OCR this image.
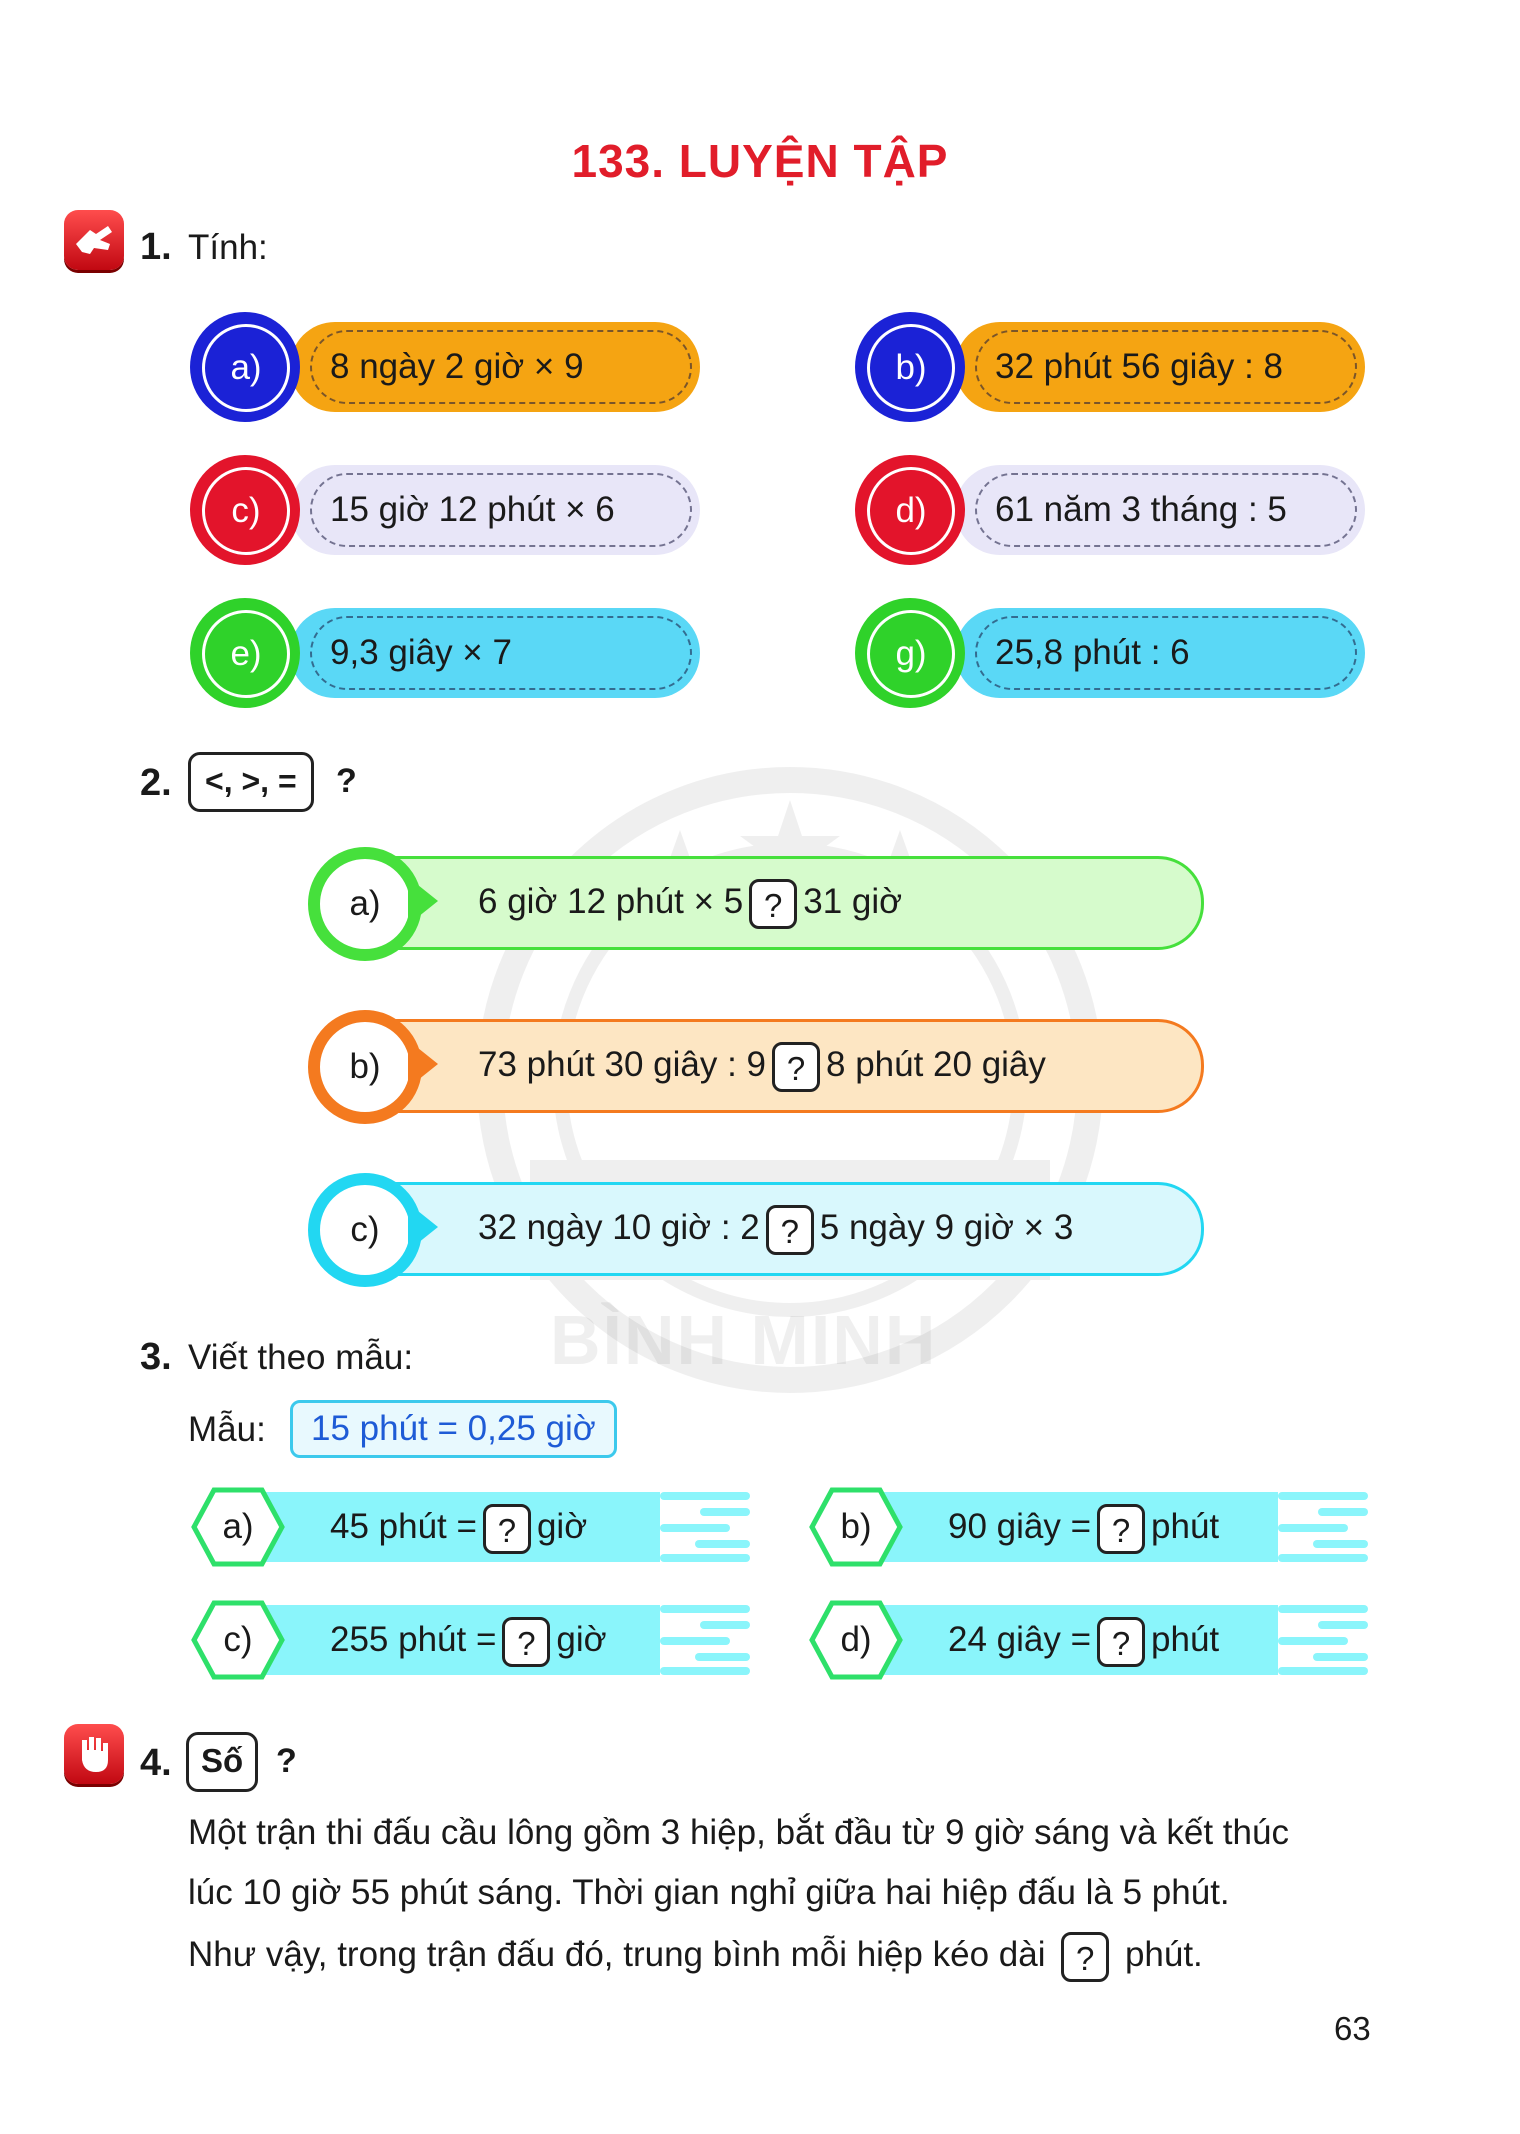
BÌNH MINH
133. LUYỆN TẬP
1. Tính:
a)	8 ngày 2 giờ × 9	b)	32 phút 56 giây : 8
c)	15 giờ 12 phút × 6	d)	61 năm 3 tháng : 5
e)	9,3 giây × 7	g)	25,8 phút : 6
2.	<, >, =	?
a)	6 giờ 12 phút × 5 ? 31 giờ
b)	73 phút 30 giây : 9 ? 8 phút 20 giây
c)	32 ngày 10 giờ : 2 ? 5 ngày 9 giờ × 3
3. Viết theo mẫu:
Mẫu:	15 phút = 0,25 giờ
a)	45 phút = ? giờ	b)	90 giây = ? phút
c)	255 phút = ? giờ	d)	24 giây = ? phút
4. Số ?
Một trận thi đấu cầu lông gồm 3 hiệp, bắt đầu từ 9 giờ sáng và kết thúc
lúc 10 giờ 55 phút sáng. Thời gian nghỉ giữa hai hiệp đấu là 5 phút.
Như vậy, trong trận đấu đó, trung bình mỗi hiệp kéo dài ? phút.
63
